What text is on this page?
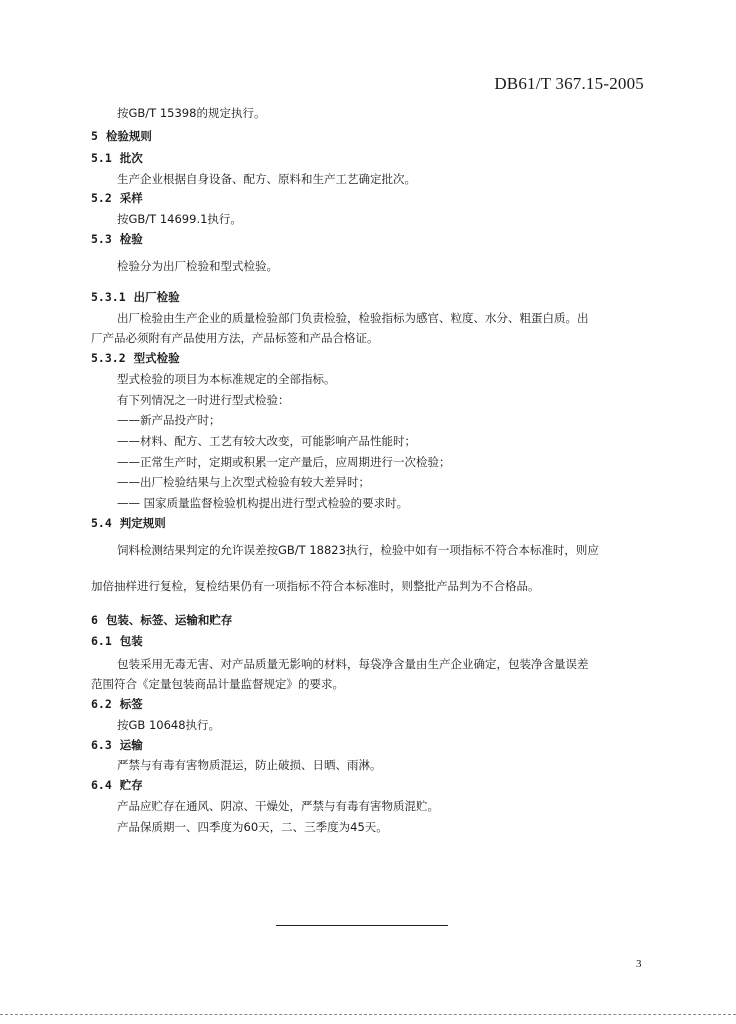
DB61/T 367.15-2005
按GB/T 15398的规定执行。
5 检验规则
5.1 批次
生产企业根据自身设备、配方、原料和生产工艺确定批次。
5.2 采样
按GB/T 14699.1执行。
5.3 检验
检验分为出厂检验和型式检验。
5.3.1 出厂检验
出厂检验由生产企业的质量检验部门负责检验，检验指标为感官、粒度、水分、粗蛋白质。出
厂产品必须附有产品使用方法，产品标签和产品合格证。
5.3.2 型式检验
型式检验的项目为本标准规定的全部指标。
有下列情况之一时进行型式检验：
——新产品投产时；
——材料、配方、工艺有较大改变，可能影响产品性能时；
——正常生产时，定期或积累一定产量后，应周期进行一次检验；
——出厂检验结果与上次型式检验有较大差异时；
—— 国家质量监督检验机构提出进行型式检验的要求时。
5.4 判定规则
饲料检测结果判定的允许误差按GB/T 18823执行，检验中如有一项指标不符合本标准时，则应
加倍抽样进行复检，复检结果仍有一项指标不符合本标准时，则整批产品判为不合格品。
6 包装、标签、运输和贮存
6.1 包装
包装采用无毒无害、对产品质量无影响的材料，每袋净含量由生产企业确定，包装净含量误差
范围符合《定量包装商品计量监督规定》的要求。
6.2 标签
按GB 10648执行。
6.3 运输
严禁与有毒有害物质混运，防止破损、日晒、雨淋。
6.4 贮存
产品应贮存在通风、阴凉、干燥处，严禁与有毒有害物质混贮。
产品保质期一、四季度为60天，二、三季度为45天。
3
